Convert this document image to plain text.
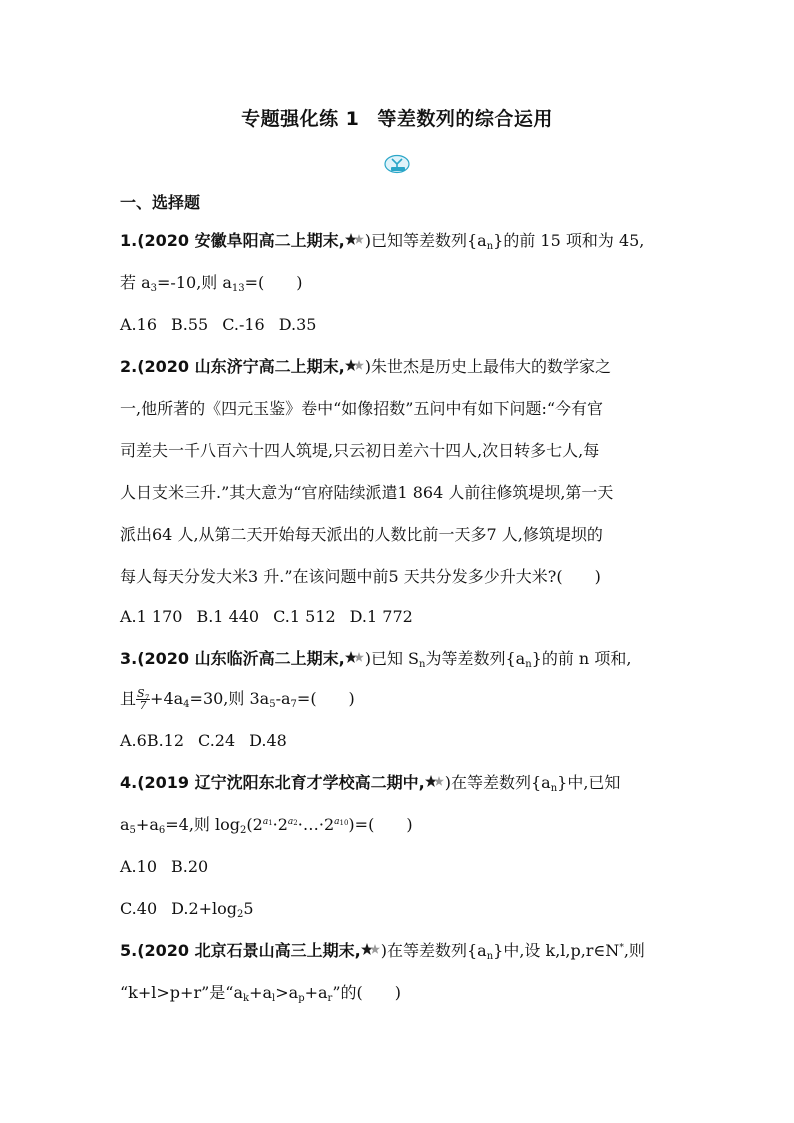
专题强化练 1 等差数列的综合运用
一、选择题
1.(2020 安徽阜阳高二上期末, )已知等差数列$\{a_n\}$的前 15 项和为 45,
若 $a_3=-10$,则 $a_{13}=$(　　)
A.16 B.55 C.-16 D.35
2.(2020 山东济宁高二上期末, )朱世杰是历史上最伟大的数学家之
一,他所著的《四元玉鉴》卷中“如像招数”五问中有如下问题:“今有官
司差夫一千八百六十四人筑堤,只云初日差六十四人,次日转多七人,每
人日支米三升.”其大意为“官府陆续派遣1 864 人前往修筑堤坝,第一天
派出64 人,从第二天开始每天派出的人数比前一天多7 人,修筑堤坝的
每人每天分发大米3 升.”在该问题中前5 天共分发多少升大米?(　　)
A.1 170 B.1 440 C.1 512 D.1 772
3.(2020 山东临沂高二上期末, )已知 $S_n$为等差数列$\{a_n\}$的前 n 项和,
且 $\frac{S_7}{7} +4a_4=30$,则 $3a_5-a_7=$(　　)
A.6B.12 C.24 D.48
4.(2019 辽宁沈阳东北育才学校高二期中, )在等差数列$\{a_n\}$中,已知
$a_5+a_6=4$,则 $\log_2(2^{a1}\cdot 2^{a2}\cdot\dots\cdot 2^{a10})=$(　　)
A.10 B.20
C.40 $D.2+\log_25$
5.(2020 北京石景山高三上期末, )在等差数列$\{a_n\}$中,设 k,l,p,r∈N*,则
“k+l>p+r”是“$a_k+a_l>a_p+a_r$”的(　　)
